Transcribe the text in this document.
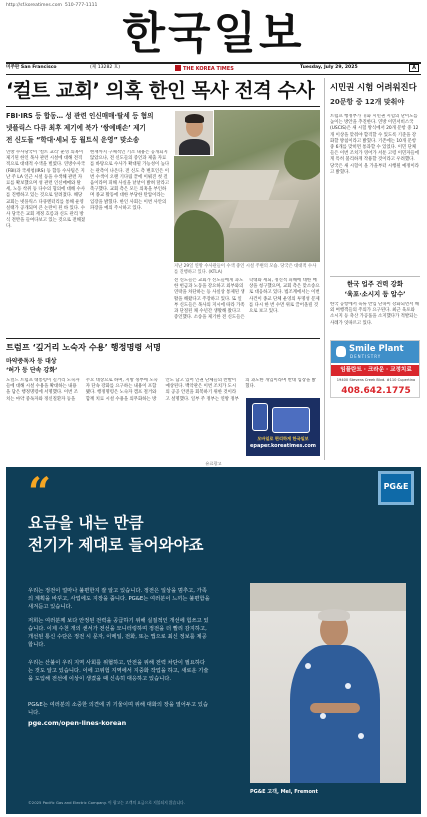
http://sf.koreatimes.com 510-777-1111
한국일보
미주판 San Francisco	(제 13282 호)	THE KOREA TIMES	Tuesday, July 29, 2025	A
‘컬트 교회’ 의혹 한인 목사 전격 수사
FBI·IRS 등 합동… 성 관련 인신매매·탈세 등 혐의
넷플릭스 다큐 최후 제기에 북가 ‘쌍예배손’ 제기
전 신도들 “학대·세뇌 등 월트식 운영” 맞소송
연방 수사당국이 '컬트 교리' 운영 의혹이 제기된 한인 목사 관련 시설에 대해 전격적으로 대대적 수색을 벌였다. 연방수사국(FBI)과 국세청(IRS) 등 합동 수사팀은 지난 주 LA 인근 시설 등을 수색해 관련 자료를 확보했으며 성 관련 인신매매와 탈세, 노동 착취 등 다수의 혐의에 대해 수사를 진행하고 있는 것으로 알려졌다. 해당 교회는 넷플릭스 다큐멘터리를 통해 운영 실태가 공개되며 큰 논란이 된 바 있다. 수사 당국은 교회 재정 흐름과 신도 관리 방식 전반을 들여다보고 있는 것으로 전해졌다.
현재까지 구체적인 기소 내용은 공개되지 않았으나, 전 신도들의 증언과 제출 자료를 바탕으로 수사가 확대될 가능성이 높다는 관측이 나온다. 전 신도 측 변호인은 이번 수색이 오랜 기다림 끝에 이뤄진 첫 걸음이라며 피해 사실을 낱낱이 밝혀 달라고 촉구했다. 교회 측은 모든 의혹을 부인하며 종교 활동에 대한 부당한 탄압이라는 입장을 밝혔다. 한인 사회는 이번 사안의 파장을 예의 주시하고 있다.
지난 29일 연방 수사관들이 수색 중인 시설 주변의 모습. 당국은 대대적 수사를 진행하고 있다. (KTLA)
전 신도들은 교회가 신도들에게 과도한 헌금과 노동을 강요하고 외부와의 연락을 차단하는 등 사실상 통제된 생활을 해왔다고 주장하고 있다. 또 일부 신도들은 목사의 지시에 따라 가족과 단절된 채 수년간 생활해 왔다고 증언했다. 소송을 제기한 전 신도들은 학대와 세뇌, 정신적 피해에 대한 배상을 청구했으며, 교회 측은 맞소송으로 대응하고 있다. 법조계에서는 이번 사건이 종교 단체 운영의 투명성 문제를 다시 한 번 수면 위로 끌어올릴 것으로 보고 있다.
시민권 시험 어려워진다
20문항 중 12개 맞춰야
트럼프 행정부가 귀화 시민권 시험의 난이도를 높이는 방안을 추진한다. 연방 이민서비스국(USCIS)은 새 시험 방식에서 20개 문항 중 12개 이상을 맞춰야 합격할 수 있도록 기준을 강화할 방침이라고 밝혔다. 기존에는 10개 문항 중 6개를 맞히면 통과할 수 있었다. 이민 단체들은 이번 조치가 영어가 서툰 고령 이민자들에게 특히 불리하게 작용할 것이라고 우려했다. 당국은 새 시험이 올 가을부터 시행될 예정이라고 밝혔다.
한국 업주 건력 강화
‘육포·소시지 등 압수’
한국 공항에서 육류 반입 단속이 강화되면서 해외 여행객들의 주의가 요구된다. 최근 육포와 소시지 등 축산 가공품을 소지했다가 적발되는 사례가 잇따르고 있다.
Smile Plant
DENTISTRY
임플란트 · 크라운 · 교정치료
19400 Stevens Creek Blvd. #110 Cupertino
408.642.1775
트럼프 ‘깊거리 노숙자 수용’ 행정명령 서명
마약중독자 등 대상
‘허가 등 단속 강화’
도널드 트럼프 대통령이 길거리 노숙자들에 대해 시설 수용을 확대하는 내용을 담은 행정명령에 서명했다. 이번 조치는 마약 중독자와 정신질환자 등을 주요 대상으로 하며, 지방 정부에 노숙자 단속 강화를 요구하는 내용이 포함됐다. 행정명령은 노숙자 캠프 철거와 함께 치료 시설 수용을 의무화하는 방안도 담고 있어 인권 단체들의 반발이 예상된다. 백악관은 이번 조치가 도시의 공공 안전을 회복하기 위한 것이라고 설명했다. 일부 주 정부는 연방 정부의 과도한 개입이라며 반대 입장을 밝혔다.
모바일로 편리하게 한국일보
epaper.koreatimes.com
유료광고
“	PG&E
요금을 내는 만큼
전기가 제대로 들어와야죠
우리는 정전이 얼마나 불편한지 잘 알고 있습니다. 정전은 일상을 멈추고, 가족의 계획을 바꾸고, 사업에도 지장을 줍니다. PG&E는 여러분이 느끼는 불편함을 새겨듣고 있습니다.
저희는 여러분께 보다 안정된 전력을 공급하기 위해 실질적인 개선에 힘쓰고 있습니다. 이제 수천 개의 센서가 전선을 모니터링하며 정전을 더 빨리 감지하고, 개선된 통신 수단은 정전 시 문자, 이메일, 전화, 또는 앱으로 최신 정보를 제공합니다.
우리는 산불이 우리 지역 사회를 위협하고, 안전을 위해 전력 차단이 필요하다는 것도 알고 있습니다. 이에 고위험 지역에서 지중화 작업을 하고, 새로운 기술을 도입해 전선에 이상이 생겼을 때 신속히 대응하고 있습니다.
PG&E는 여러분의 소중한 의견에 귀 기울이며 위해 대화의 장을 열어두고 있습니다.
pge.com/open-lines-korean
PG&E 고객, Mel, Fremont
©2025 Pacific Gas and Electric Company. 이 광고는 고객의 요금으로 지불되지 않습니다.
